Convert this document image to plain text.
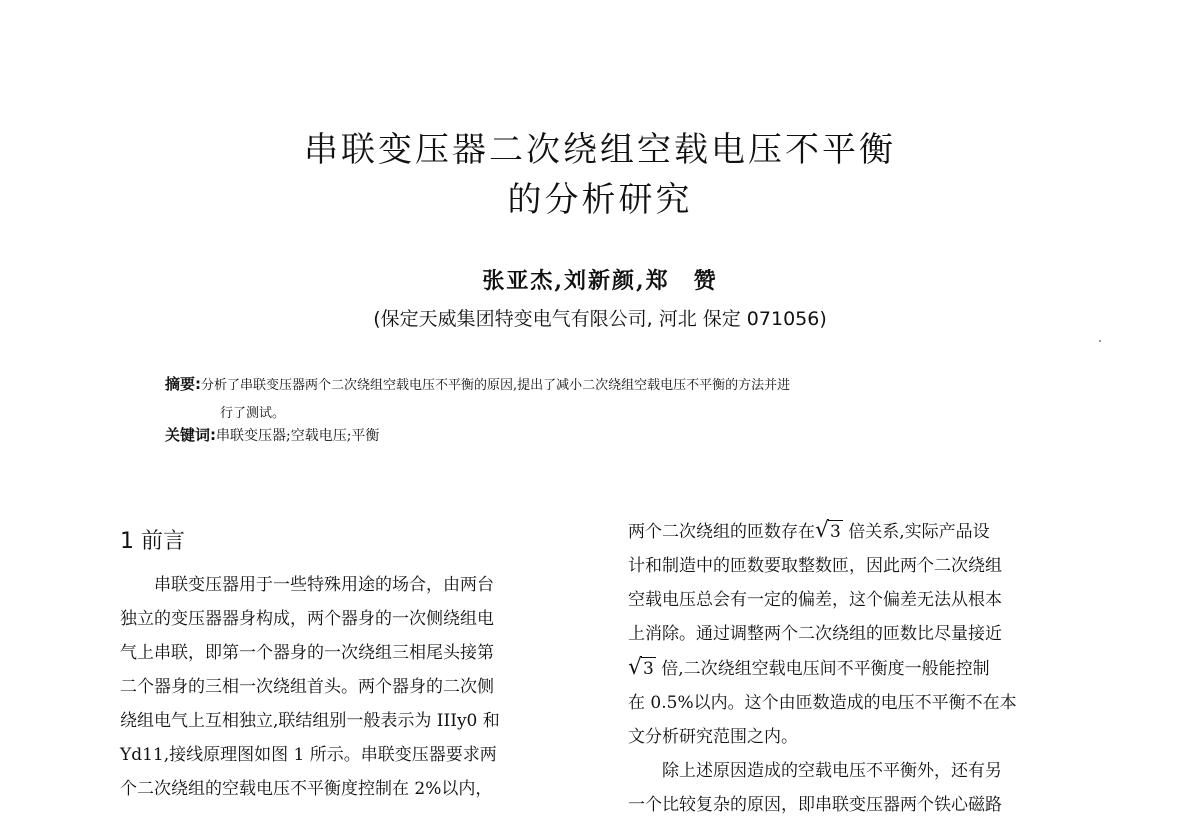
串联变压器二次绕组空载电压不平衡
的分析研究
张亚杰,刘新颜,郑　赞
(保定天威集团特变电气有限公司, 河北 保定 071056)
摘要:分析了串联变压器两个二次绕组空载电压不平衡的原因,提出了减小二次绕组空载电压不平衡的方法并进
行了测试。
关键词:串联变压器;空载电压;平衡
1 前言
串联变压器用于一些特殊用途的场合，由两台
独立的变压器器身构成，两个器身的一次侧绕组电
气上串联，即第一个器身的一次绕组三相尾头接第
二个器身的三相一次绕组首头。两个器身的二次侧
绕组电气上互相独立,联结组别一般表示为 IIIy0 和
Yd11,接线原理图如图 1 所示。串联变压器要求两
个二次绕组的空载电压不平衡度控制在 2%以内，
两个二次绕组的匝数存在√3 倍关系,实际产品设
计和制造中的匝数要取整数匝，因此两个二次绕组
空载电压总会有一定的偏差，这个偏差无法从根本
上消除。通过调整两个二次绕组的匝数比尽量接近
√3 倍,二次绕组空载电压间不平衡度一般能控制
在 0.5%以内。这个由匝数造成的电压不平衡不在本
文分析研究范围之内。
除上述原因造成的空载电压不平衡外，还有另
一个比较复杂的原因，即串联变压器两个铁心磁路
